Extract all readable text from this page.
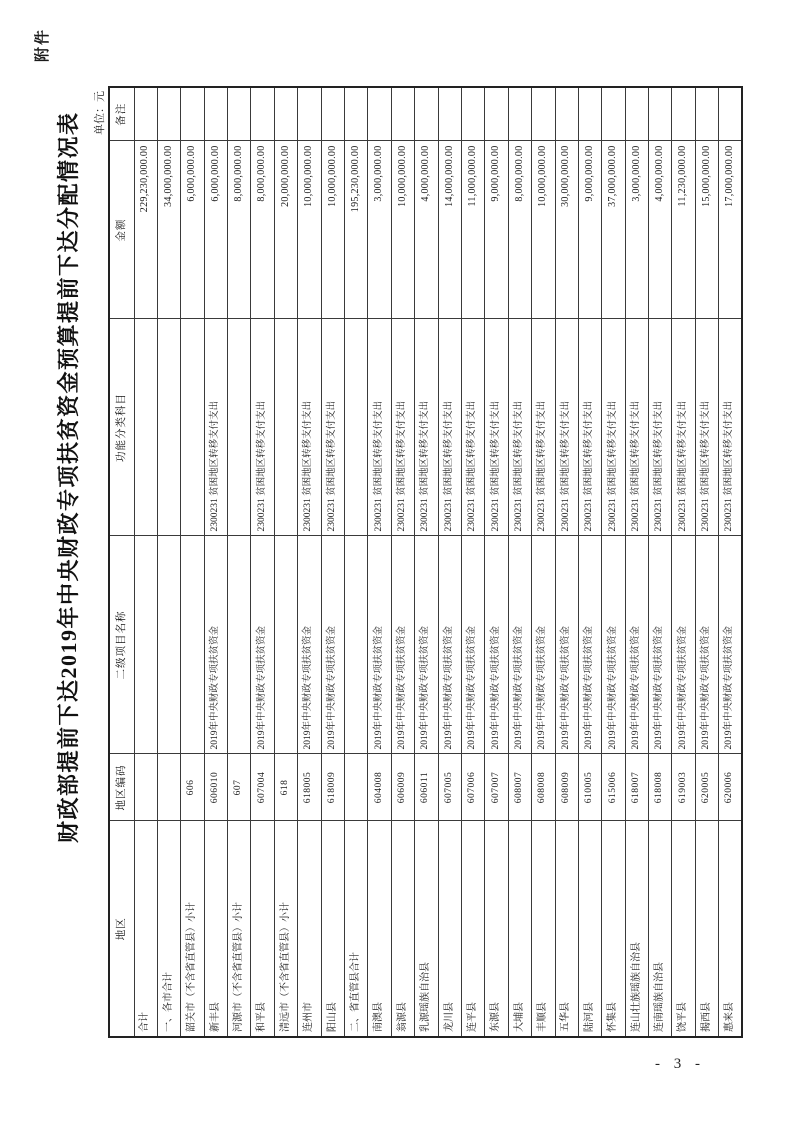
附件
财政部提前下达2019年中央财政专项扶贫资金预算提前下达分配情况表 单位：元
地区	地区编码	二级项目名称	功能分类科目	金额	备注
合计				229,230,000.00	
一、各市合计				34,000,000.00	
韶关市（不含省直管县）小计	606			6,000,000.00	
新丰县	606010	2019年中央财政专项扶贫资金	2300231 贫困地区转移支付支出	6,000,000.00	
河源市（不含省直管县）小计	607			8,000,000.00	
和平县	607004	2019年中央财政专项扶贫资金	2300231 贫困地区转移支付支出	8,000,000.00	
清远市（不含省直管县）小计	618			20,000,000.00	
连州市	618005	2019年中央财政专项扶贫资金	2300231 贫困地区转移支付支出	10,000,000.00	
阳山县	618009	2019年中央财政专项扶贫资金	2300231 贫困地区转移支付支出	10,000,000.00	
二、省直管县合计				195,230,000.00	
南澳县	604008	2019年中央财政专项扶贫资金	2300231 贫困地区转移支付支出	3,000,000.00	
翁源县	606009	2019年中央财政专项扶贫资金	2300231 贫困地区转移支付支出	10,000,000.00	
乳源瑶族自治县	606011	2019年中央财政专项扶贫资金	2300231 贫困地区转移支付支出	4,000,000.00	
龙川县	607005	2019年中央财政专项扶贫资金	2300231 贫困地区转移支付支出	14,000,000.00	
连平县	607006	2019年中央财政专项扶贫资金	2300231 贫困地区转移支付支出	11,000,000.00	
东源县	607007	2019年中央财政专项扶贫资金	2300231 贫困地区转移支付支出	9,000,000.00	
大埔县	608007	2019年中央财政专项扶贫资金	2300231 贫困地区转移支付支出	8,000,000.00	
丰顺县	608008	2019年中央财政专项扶贫资金	2300231 贫困地区转移支付支出	10,000,000.00	
五华县	608009	2019年中央财政专项扶贫资金	2300231 贫困地区转移支付支出	30,000,000.00	
陆河县	610005	2019年中央财政专项扶贫资金	2300231 贫困地区转移支付支出	9,000,000.00	
怀集县	615006	2019年中央财政专项扶贫资金	2300231 贫困地区转移支付支出	37,000,000.00	
连山壮族瑶族自治县	618007	2019年中央财政专项扶贫资金	2300231 贫困地区转移支付支出	3,000,000.00	
连南瑶族自治县	618008	2019年中央财政专项扶贫资金	2300231 贫困地区转移支付支出	4,000,000.00	
饶平县	619003	2019年中央财政专项扶贫资金	2300231 贫困地区转移支付支出	11,230,000.00	
揭西县	620005	2019年中央财政专项扶贫资金	2300231 贫困地区转移支付支出	15,000,000.00	
惠来县	620006	2019年中央财政专项扶贫资金	2300231 贫困地区转移支付支出	17,000,000.00	
- 3 -
